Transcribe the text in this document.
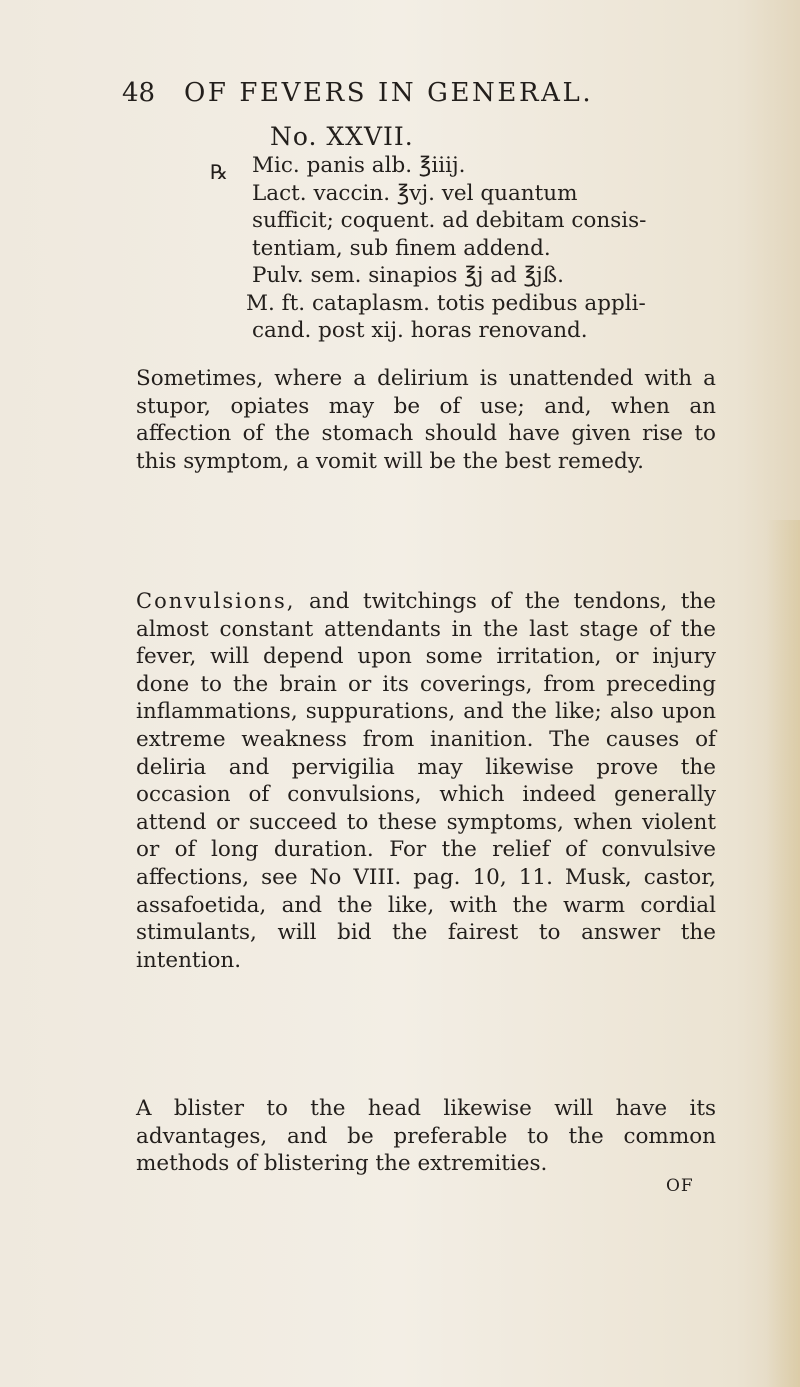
48 OF FEVERS IN GENERAL.
No. XXVII.
℞ Mic. panis alb. ℥iiij.

Lact. vaccin. ℥vj. vel quantum

sufficit; coquent. ad debitam consis-

tentiam, sub finem addend.

Pulv. sem. sinapios ℥j ad ℥jß.

M. ft. cataplasm. totis pedibus appli-

cand. post xij. horas renovand.

Sometimes, where a delirium is unattended with a stupor, opiates may be of use; and, when an affection of the stomach should have given rise to this symptom, a vomit will be the best remedy.

Convulsions, and twitchings of the tendons, the almost constant attendants in the last stage of the fever, will depend upon some irritation, or injury done to the brain or its coverings, from preceding inflammations, suppurations, and the like; also upon extreme weakness from inanition. The causes of deliria and pervigilia may likewise prove the occasion of convulsions, which indeed generally attend or succeed to these symptoms, when violent or of long duration. For the relief of convulsive affections, see No VIII. pag. 10, 11. Musk, castor, assafoetida, and the like, with the warm cordial stimulants, will bid the fairest to answer the intention.

A blister to the head likewise will have its advantages, and be preferable to the common methods of blistering the extremities.

OF
